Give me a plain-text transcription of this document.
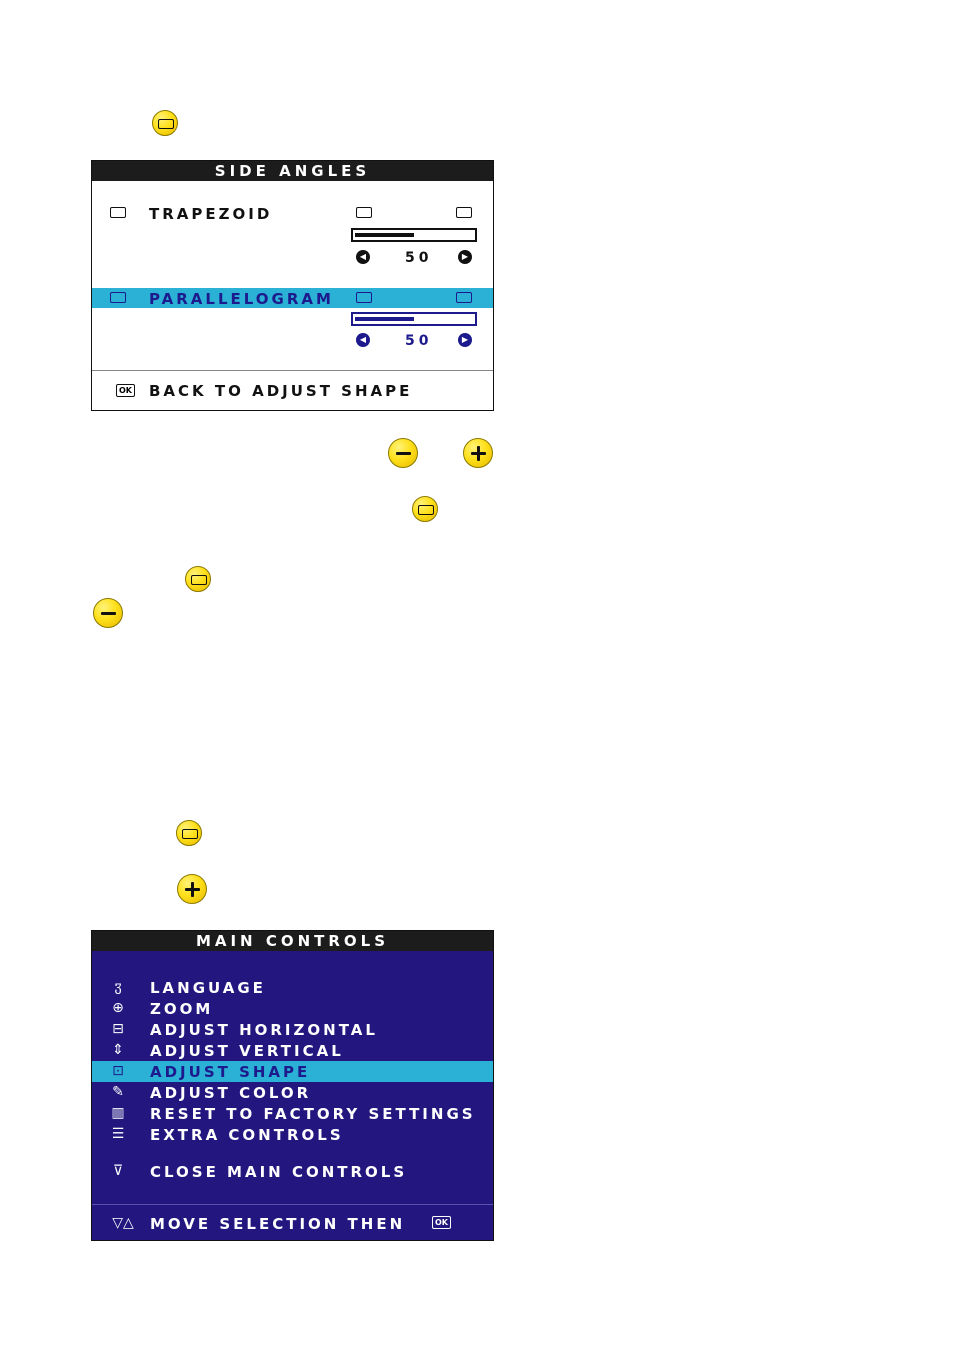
SIDE ANGLES
TRAPEZOID
◀	50	▶
PARALLELOGRAM
◀	50	▶
OK BACK TO ADJUST SHAPE
MAIN CONTROLS
ჳ	LANGUAGE
⊕ ZOOM
⊟ ADJUST HORIZONTAL
⇕ ADJUST VERTICAL
⊡ ADJUST SHAPE
✎ ADJUST COLOR
▥ RESET TO FACTORY SETTINGS
☰ EXTRA CONTROLS
⊽	CLOSE MAIN CONTROLS
▽△	MOVE SELECTION THEN	OK
